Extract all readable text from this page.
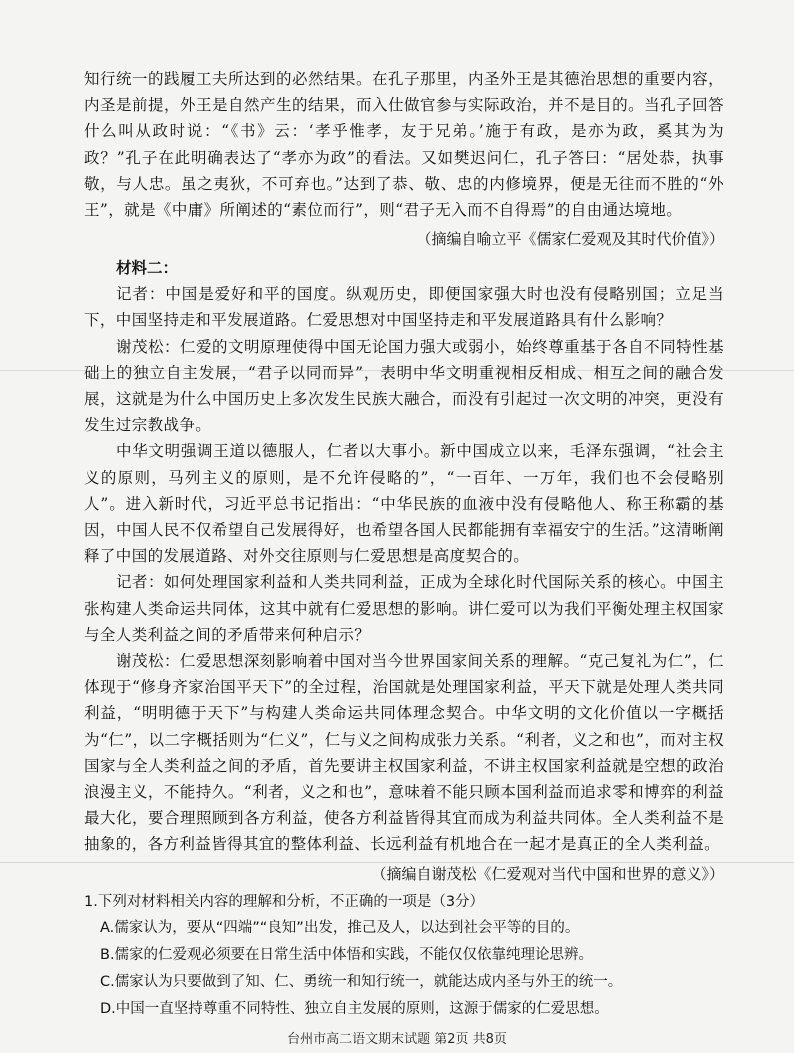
知行统一的践履工夫所达到的必然结果。在孔子那里，内圣外王是其德治思想的重要内容，内圣是前提，外王是自然产生的结果，而入仕做官参与实际政治，并不是目的。当孔子回答什么叫从政时说：“《书》云：‘孝乎惟孝，友于兄弟。’施于有政，是亦为政，奚其为为政？”孔子在此明确表达了“孝亦为政”的看法。又如樊迟问仁，孔子答曰：“居处恭，执事敬，与人忠。虽之夷狄，不可弃也。”达到了恭、敬、忠的内修境界，便是无往而不胜的“外王”，就是《中庸》所阐述的“素位而行”，则“君子无入而不自得焉”的自由通达境地。

（摘编自喻立平《儒家仁爱观及其时代价值》）

材料二：

记者：中国是爱好和平的国度。纵观历史，即便国家强大时也没有侵略别国；立足当下，中国坚持走和平发展道路。仁爱思想对中国坚持走和平发展道路具有什么影响？

谢茂松：仁爱的文明原理使得中国无论国力强大或弱小，始终尊重基于各自不同特性基础上的独立自主发展，“君子以同而异”，表明中华文明重视相反相成、相互之间的融合发展，这就是为什么中国历史上多次发生民族大融合，而没有引起过一次文明的冲突，更没有发生过宗教战争。

中华文明强调王道以德服人，仁者以大事小。新中国成立以来，毛泽东强调，“社会主义的原则，马列主义的原则，是不允许侵略的”，“一百年、一万年，我们也不会侵略别人”。进入新时代，习近平总书记指出：“中华民族的血液中没有侵略他人、称王称霸的基因，中国人民不仅希望自己发展得好，也希望各国人民都能拥有幸福安宁的生活。”这清晰阐释了中国的发展道路、对外交往原则与仁爱思想是高度契合的。

记者：如何处理国家利益和人类共同利益，正成为全球化时代国际关系的核心。中国主张构建人类命运共同体，这其中就有仁爱思想的影响。讲仁爱可以为我们平衡处理主权国家与全人类利益之间的矛盾带来何种启示？

谢茂松：仁爱思想深刻影响着中国对当今世界国家间关系的理解。“克己复礼为仁”，仁体现于“修身齐家治国平天下”的全过程，治国就是处理国家利益，平天下就是处理人类共同利益，“明明德于天下”与构建人类命运共同体理念契合。中华文明的文化价值以一字概括为“仁”，以二字概括则为“仁义”，仁与义之间构成张力关系。“利者，义之和也”，而对主权国家与全人类利益之间的矛盾，首先要讲主权国家利益，不讲主权国家利益就是空想的政治浪漫主义，不能持久。“利者，义之和也”，意味着不能只顾本国利益而追求零和博弈的利益最大化，要合理照顾到各方利益，使各方利益皆得其宜而成为利益共同体。全人类利益不是抽象的，各方利益皆得其宜的整体利益、长远利益有机地合在一起才是真正的全人类利益。

（摘编自谢茂松《仁爱观对当代中国和世界的意义》）

1.下列对材料相关内容的理解和分析，不正确的一项是（3分）

A.儒家认为，要从“四端”“良知”出发，推己及人，以达到社会平等的目的。

B.儒家的仁爱观必须要在日常生活中体悟和实践，不能仅仅依靠纯理论思辨。

C.儒家认为只要做到了知、仁、勇统一和知行统一，就能达成内圣与外王的统一。

D.中国一直坚持尊重不同特性、独立自主发展的原则，这源于儒家的仁爱思想。

台州市高二语文期末试题 第2页 共8页
